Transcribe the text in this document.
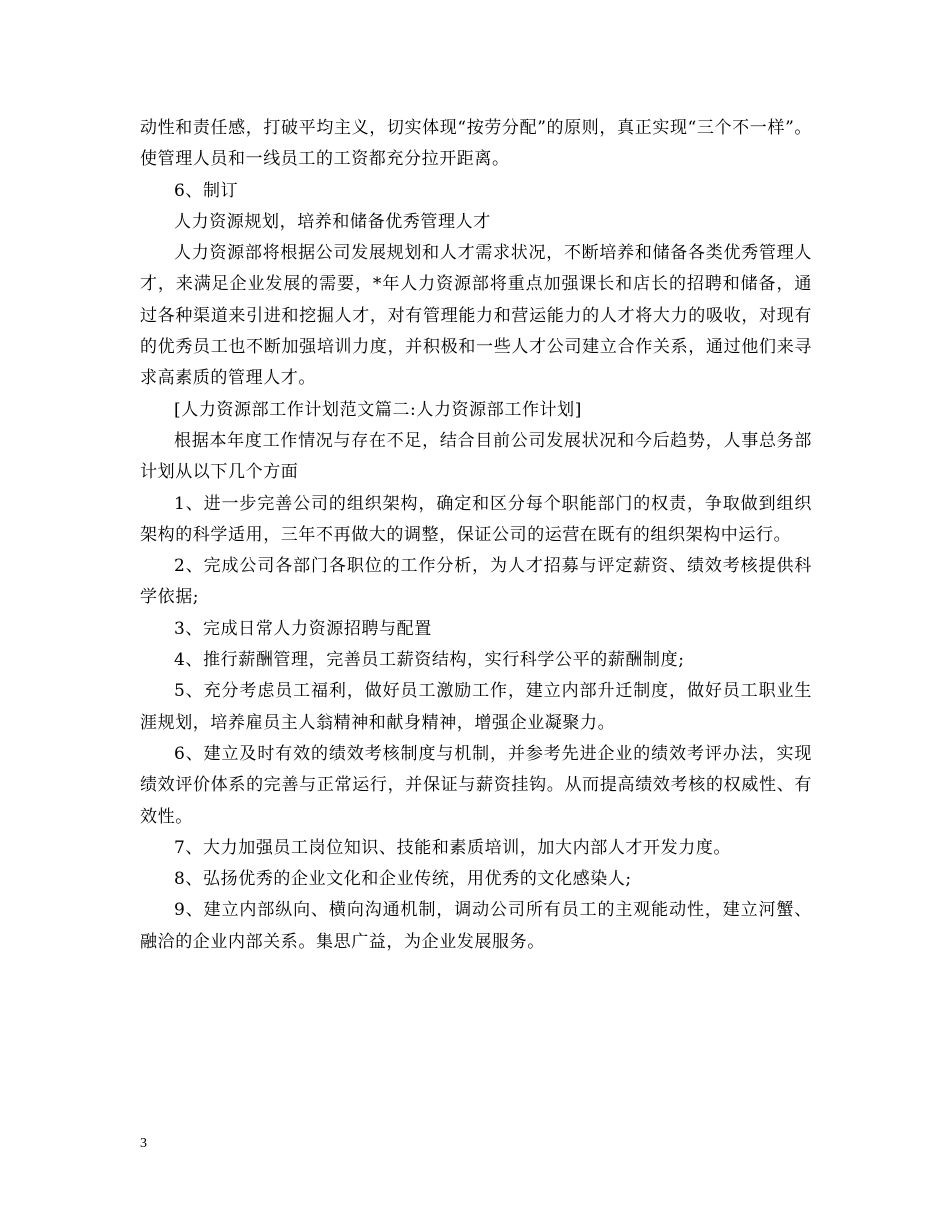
动性和责任感，打破平均主义，切实体现“按劳分配”的原则，真正实现“三个不一样”。使管理人员和一线员工的工资都充分拉开距离。

6、制订

人力资源规划，培养和储备优秀管理人才

人力资源部将根据公司发展规划和人才需求状况，不断培养和储备各类优秀管理人才，来满足企业发展的需要，*年人力资源部将重点加强课长和店长的招聘和储备，通过各种渠道来引进和挖掘人才，对有管理能力和营运能力的人才将大力的吸收，对现有的优秀员工也不断加强培训力度，并积极和一些人才公司建立合作关系，通过他们来寻求高素质的管理人才。

[人力资源部工作计划范文篇二:人力资源部工作计划]

根据本年度工作情况与存在不足，结合目前公司发展状况和今后趋势，人事总务部计划从以下几个方面

1、进一步完善公司的组织架构，确定和区分每个职能部门的权责，争取做到组织架构的科学适用，三年不再做大的调整，保证公司的运营在既有的组织架构中运行。

2、完成公司各部门各职位的工作分析，为人才招募与评定薪资、绩效考核提供科学依据;

3、完成日常人力资源招聘与配置

4、推行薪酬管理，完善员工薪资结构，实行科学公平的薪酬制度;

5、充分考虑员工福利，做好员工激励工作，建立内部升迁制度，做好员工职业生涯规划，培养雇员主人翁精神和献身精神，增强企业凝聚力。

6、建立及时有效的绩效考核制度与机制，并参考先进企业的绩效考评办法，实现绩效评价体系的完善与正常运行，并保证与薪资挂钩。从而提高绩效考核的权威性、有效性。

7、大力加强员工岗位知识、技能和素质培训，加大内部人才开发力度。

8、弘扬优秀的企业文化和企业传统，用优秀的文化感染人;

9、建立内部纵向、横向沟通机制，调动公司所有员工的主观能动性，建立河蟹、融洽的企业内部关系。集思广益，为企业发展服务。

3
